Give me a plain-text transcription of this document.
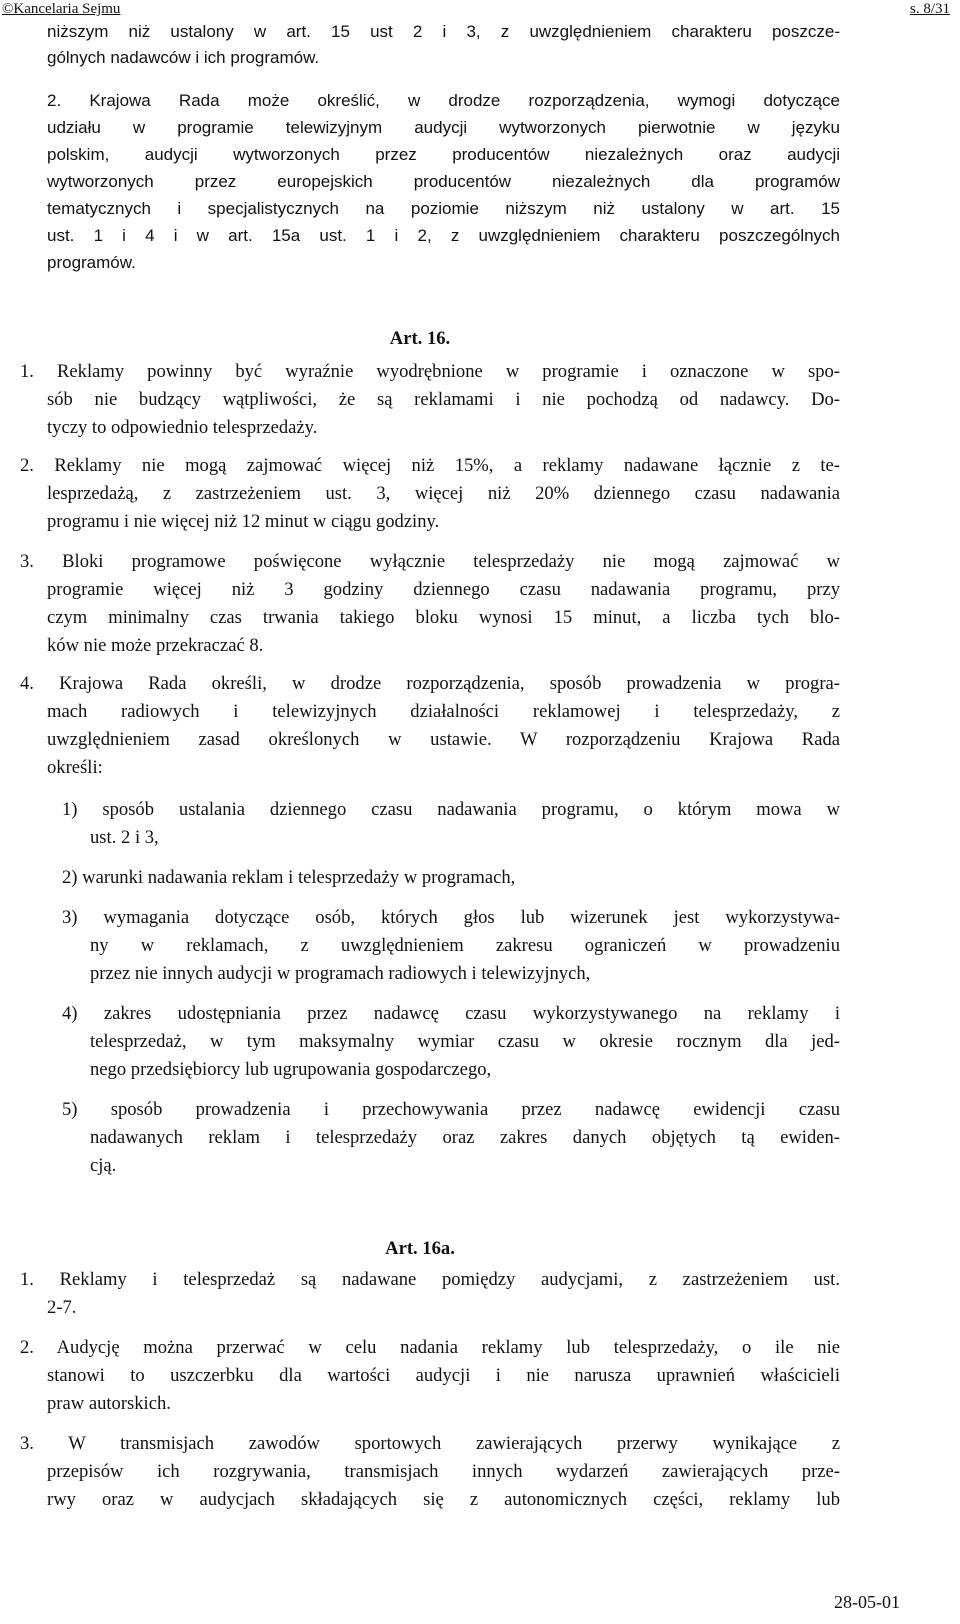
©Kancelaria Sejmu	s. 8/31
niższym niż ustalony w art. 15 ust 2 i 3, z uwzględnieniem charakteru poszcze-
gólnych nadawców i ich programów.
2. Krajowa Rada może określić, w drodze rozporządzenia, wymogi dotyczące
udziału w programie telewizyjnym audycji wytworzonych pierwotnie w języku
polskim, audycji wytworzonych przez producentów niezależnych oraz audycji
wytworzonych przez europejskich producentów niezależnych dla programów
tematycznych i specjalistycznych na poziomie niższym niż ustalony w art. 15
ust. 1 i 4 i w art. 15a ust. 1 i 2, z uwzględnieniem charakteru poszczególnych
programów.
Art. 16.
1. Reklamy powinny być wyraźnie wyodrębnione w programie i oznaczone w spo-
sób nie budzący wątpliwości, że są reklamami i nie pochodzą od nadawcy. Do-
tyczy to odpowiednio telesprzedaży.
2. Reklamy nie mogą zajmować więcej niż 15%, a reklamy nadawane łącznie z te-
lesprzedażą, z zastrzeżeniem ust. 3, więcej niż 20% dziennego czasu nadawania
programu i nie więcej niż 12 minut w ciągu godziny.
3. Bloki programowe poświęcone wyłącznie telesprzedaży nie mogą zajmować w
programie więcej niż 3 godziny dziennego czasu nadawania programu, przy
czym minimalny czas trwania takiego bloku wynosi 15 minut, a liczba tych blo-
ków nie może przekraczać 8.
4. Krajowa Rada określi, w drodze rozporządzenia, sposób prowadzenia w progra-
mach radiowych i telewizyjnych działalności reklamowej i telesprzedaży, z
uwzględnieniem zasad określonych w ustawie. W rozporządzeniu Krajowa Rada
określi:
1) sposób ustalania dziennego czasu nadawania programu, o którym mowa w
ust. 2 i 3,
2) warunki nadawania reklam i telesprzedaży w programach,
3) wymagania dotyczące osób, których głos lub wizerunek jest wykorzystywa-
ny w reklamach, z uwzględnieniem zakresu ograniczeń w prowadzeniu
przez nie innych audycji w programach radiowych i telewizyjnych,
4) zakres udostępniania przez nadawcę czasu wykorzystywanego na reklamy i
telesprzedaż, w tym maksymalny wymiar czasu w okresie rocznym dla jed-
nego przedsiębiorcy lub ugrupowania gospodarczego,
5) sposób prowadzenia i przechowywania przez nadawcę ewidencji czasu
nadawanych reklam i telesprzedaży oraz zakres danych objętych tą ewiden-
cją.
Art. 16a.
1. Reklamy i telesprzedaż są nadawane pomiędzy audycjami, z zastrzeżeniem ust.
2-7.
2. Audycję można przerwać w celu nadania reklamy lub telesprzedaży, o ile nie
stanowi to uszczerbku dla wartości audycji i nie narusza uprawnień właścicieli
praw autorskich.
3. W transmisjach zawodów sportowych zawierających przerwy wynikające z
przepisów ich rozgrywania, transmisjach innych wydarzeń zawierających prze-
rwy oraz w audycjach składających się z autonomicznych części, reklamy lub
28-05-01
